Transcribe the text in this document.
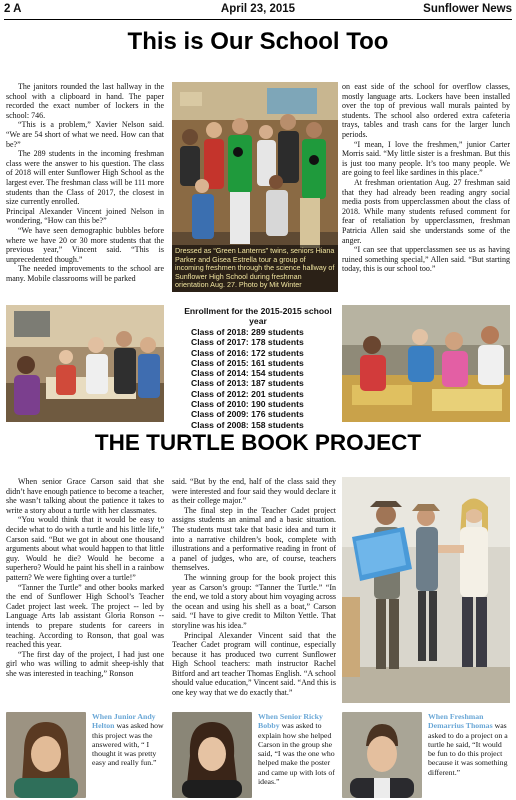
April 23, 2015
2 A	Sunflower News
This is Our School Too

The janitors rounded the last hallway in the school with a clipboard in hand. The paper recorded the exact number of lockers in the school: 746.

“This is a problem,” Xavier Nelson said. “We are 54 short of what we need. How can that be?”

The 289 students in the incoming freshman class were the answer to his question. The class of 2018 will enter Sunflower High School as the largest ever. The freshman class will be 111 more students than the Class of 2017, the closest in size currently enrolled.

Principal Alexander Vincent joined Nelson in wondering, “How can this be?”

“We have seen demographic bubbles before where we have 20 or 30 more students that the previous year,” Vincent said. “This is unprecedented though.”

The needed improvements to the school are many. Mobile classrooms will be parked

Dressed as “Green Lanterns” twins, seniors Hiana Parker and Gisea Estrella tour a group of incoming freshmen through the science hallway of Sunflower High School during freshman orientation Aug. 27. Photo by Mit Winter

on east side of the school for overflow classes, mostly language arts. Lockers have been installed over the top of previous wall murals painted by students. The school also ordered extra cafeteria trays, tables and trash cans for the larger lunch periods.

“I mean, I love the freshmen,” junior Carter Morris said. “My little sister is a freshman. But this is just too many people. It’s too many people. We are going to feel like sardines in this place.”

At freshman orientation Aug. 27 freshman said that they had already been reading angry social media posts from upperclassmen about the class of 2018. While many students refused comment for fear of retaliation by upperclassmen, freshman Patricia Allen said she understands some of the anger.

“I can see that upperclassmen see us as having ruined something special,” Allen said. “But starting today, this is our school too.”

Enrollment for the 2015-2015 school year
Class of 2018: 289 students
Class of 2017: 178 students
Class of 2016: 172 students
Class of 2015: 161 students
Class of 2014: 154 students
Class of 2013: 187 students
Class of 2012: 201 students
Class of 2010: 190 students
Class of 2009: 176 students
Class of 2008: 158 students
THE TURTLE BOOK PROJECT

When senior Grace Carson said that she didn’t have enough patience to become a teacher, she wasn’t talking about the patience it takes to write a story about a turtle with her classmates.

“You would think that it would be easy to decide what to do with a turtle and his little life,” Carson said. “But we got in about one thousand arguments about what would happen to that little guy. Would he die? Would he become a superhero? Would he paint his shell in a rainbow pattern? We were fighting over a turtle!”

“Tanner the Turtle” and other books marked the end of Sunflower High School’s Teacher Cadet project last week. The project -- led by Language Arts lab assistant Gloria Ronson -- intends to prepare students for careers in teaching. According to Ronson, that goal was reached this year.

“The first day of the project, I had just one girl who was willing to admit sheep-ishly that she was interested in teaching,” Ronson

said. “But by the end, half of the class said they were interested and four said they would declare it as their college major.”

The final step in the Teacher Cadet project assigns students an animal and a basic situation. The students must take that basic idea and turn it into a narrative children’s book, complete with illustrations and a performative reading in front of a panel of judges, who are, of course, teachers themselves.

The winning group for the book project this year as Carson’s group: “Tanner the Turtle.” “In the end, we told a story about him voyaging across the ocean and using his shell as a boat,” Carson said. “I have to give credit to Milton Yettle. That storyline was his idea.”

Principal Alexander Vincent said that the Teacher Cadet program will continue, especially because it has produced two current Sunflower High School teachers: math instructor Rachel Bitford and art teacher Thomas English. “A school should value education,” Vincent said. “And this is one key way that we do exactly that.”

When Junior Andy Helton was asked how this project was the answered with, “ I thought it was pretty easy and really fun.”
When Senior Ricky Bobby was asked to explain how she helped Carson in the group she said, “I was the one who helped make the poster and came up with lots of ideas.”
When Freshman Demarrius Thomas was asked to do a project on a turtle he said, “It would be fun to do this project because it was something different.”
